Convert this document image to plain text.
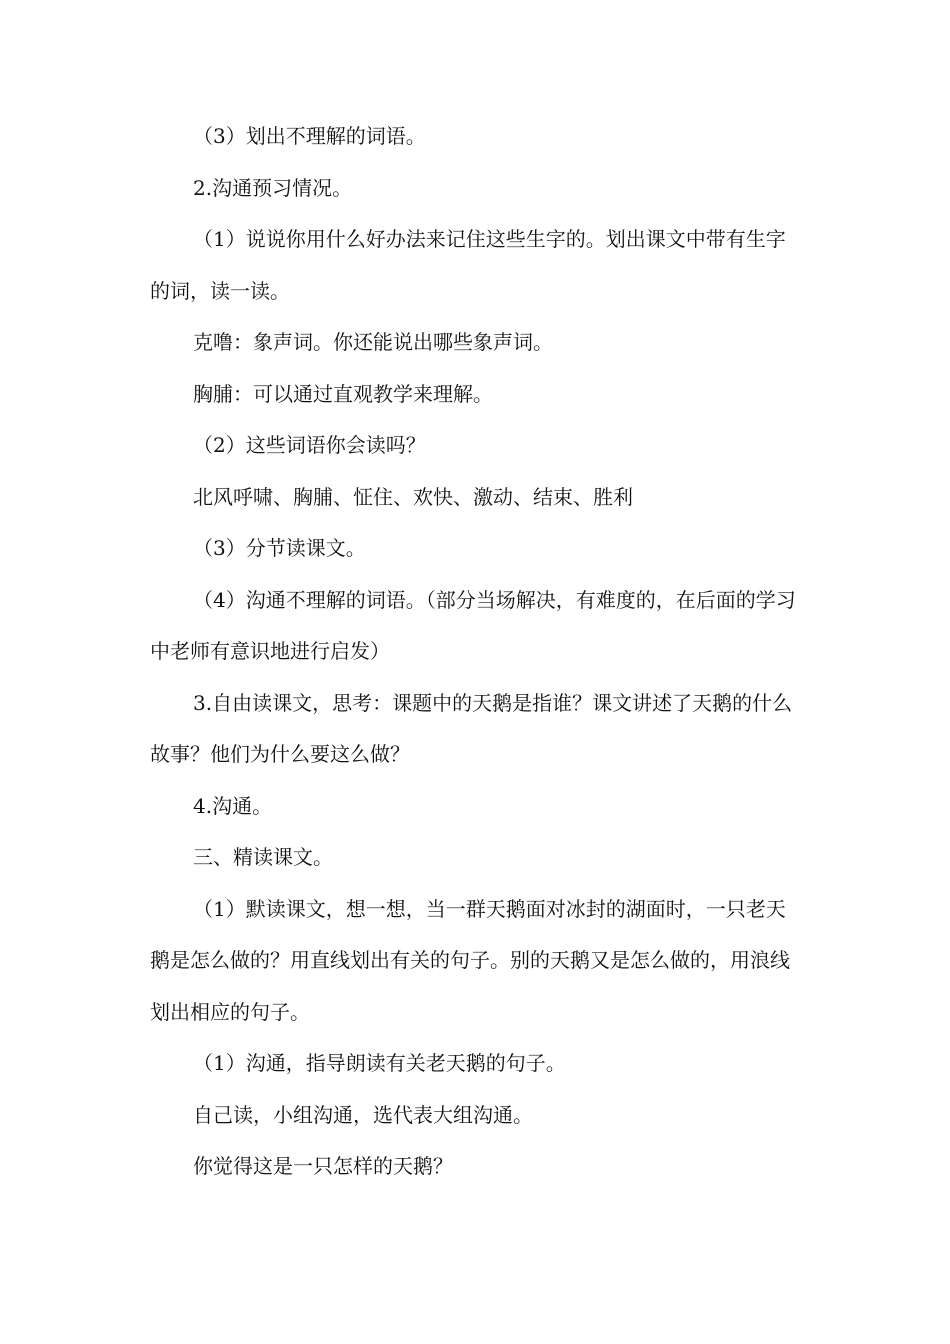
（3）划出不理解的词语。

2.沟通预习情况。

（1）说说你用什么好办法来记住这些生字的。划出课文中带有生字的词，读一读。

克噜：象声词。你还能说出哪些象声词。

胸脯：可以通过直观教学来理解。

（2）这些词语你会读吗？

北风呼啸、胸脯、怔住、欢快、激动、结束、胜利

（3）分节读课文。

（4）沟通不理解的词语。（部分当场解决，有难度的，在后面的学习中老师有意识地进行启发）

3.自由读课文，思考：课题中的天鹅是指谁？课文讲述了天鹅的什么故事？他们为什么要这么做？

4.沟通。

三、精读课文。

（1）默读课文，想一想，当一群天鹅面对冰封的湖面时，一只老天鹅是怎么做的？用直线划出有关的句子。别的天鹅又是怎么做的，用浪线划出相应的句子。

（1）沟通，指导朗读有关老天鹅的句子。

自己读，小组沟通，选代表大组沟通。

你觉得这是一只怎样的天鹅？
